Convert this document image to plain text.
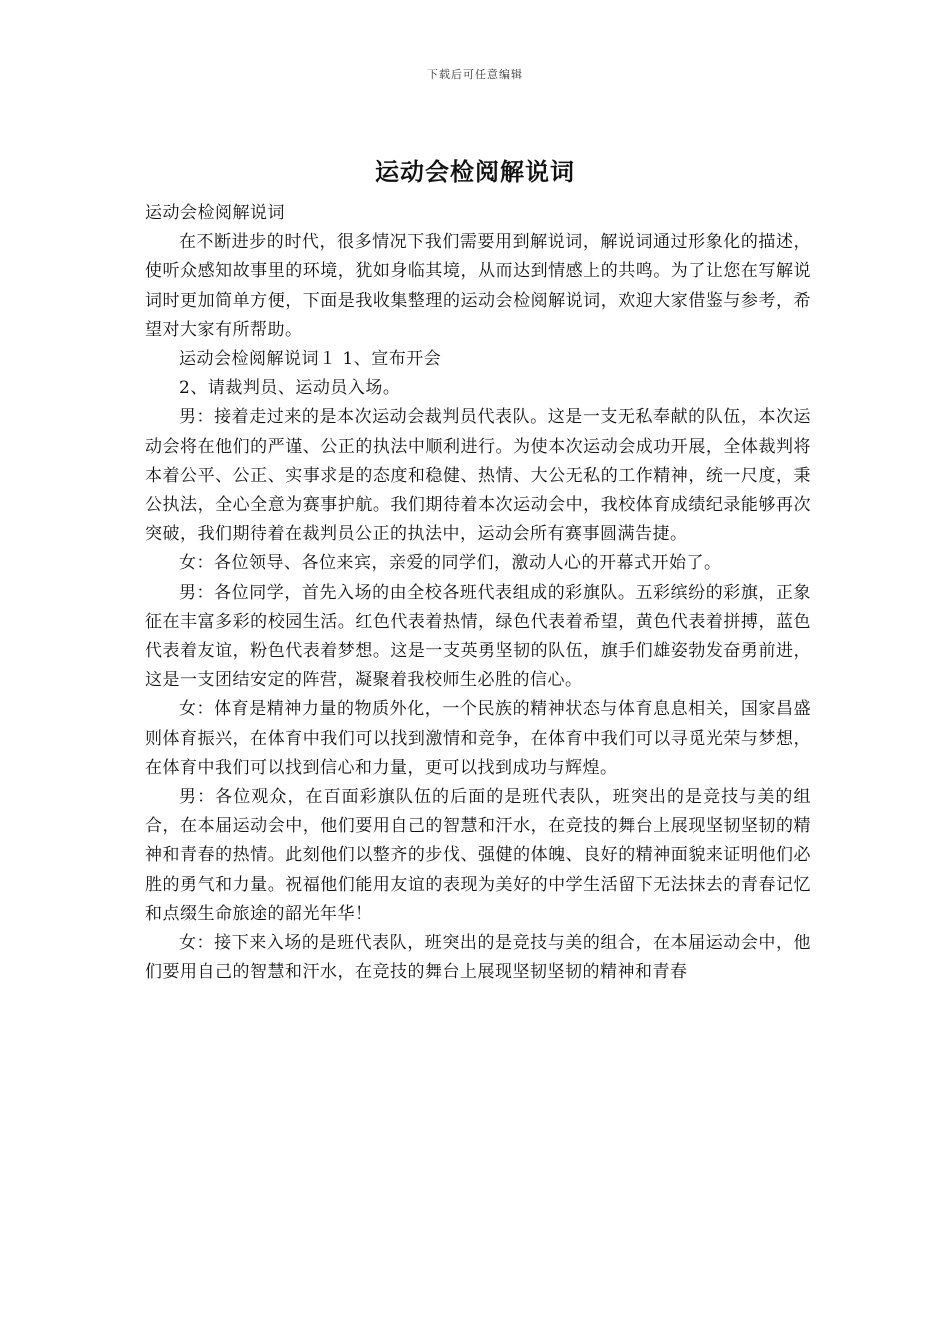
下载后可任意编辑
运动会检阅解说词

运动会检阅解说词

在不断进步的时代，很多情况下我们需要用到解说词，解说词通过形象化的描述，使听众感知故事里的环境，犹如身临其境，从而达到情感上的共鸣。为了让您在写解说词时更加简单方便，下面是我收集整理的运动会检阅解说词，欢迎大家借鉴与参考，希望对大家有所帮助。

运动会检阅解说词１ 1、宣布开会

2、请裁判员、运动员入场。

男：接着走过来的是本次运动会裁判员代表队。这是一支无私奉献的队伍，本次运动会将在他们的严谨、公正的执法中顺利进行。为使本次运动会成功开展，全体裁判将本着公平、公正、实事求是的态度和稳健、热情、大公无私的工作精神，统一尺度，秉公执法，全心全意为赛事护航。我们期待着本次运动会中，我校体育成绩纪录能够再次突破，我们期待着在裁判员公正的执法中，运动会所有赛事圆满告捷。

女：各位领导、各位来宾，亲爱的同学们，激动人心的开幕式开始了。

男：各位同学，首先入场的由全校各班代表组成的彩旗队。五彩缤纷的彩旗，正象征在丰富多彩的校园生活。红色代表着热情，绿色代表着希望，黄色代表着拼搏，蓝色代表着友谊，粉色代表着梦想。这是一支英勇坚韧的队伍，旗手们雄姿勃发奋勇前进，这是一支团结安定的阵营，凝聚着我校师生必胜的信心。

女：体育是精神力量的物质外化，一个民族的精神状态与体育息息相关，国家昌盛则体育振兴，在体育中我们可以找到激情和竞争，在体育中我们可以寻觅光荣与梦想，在体育中我们可以找到信心和力量，更可以找到成功与辉煌。

男：各位观众，在百面彩旗队伍的后面的是班代表队，班突出的是竞技与美的组合，在本届运动会中，他们要用自己的智慧和汗水，在竞技的舞台上展现坚韧坚韧的精神和青春的热情。此刻他们以整齐的步伐、强健的体魄、良好的精神面貌来证明他们必胜的勇气和力量。祝福他们能用友谊的表现为美好的中学生活留下无法抹去的青春记忆和点缀生命旅途的韶光年华！

女：接下来入场的是班代表队，班突出的是竞技与美的组合，在本届运动会中，他们要用自己的智慧和汗水，在竞技的舞台上展现坚韧坚韧的精神和青春
